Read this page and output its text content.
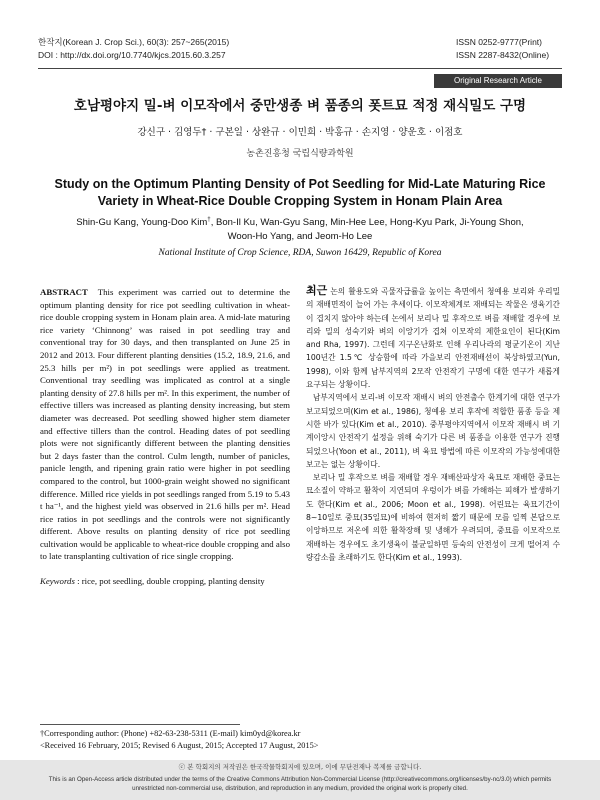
한작지(Korean J. Crop Sci.), 60(3): 257~265(2015)
DOI : http://dx.doi.org/10.7740/kjcs.2015.60.3.257
ISSN 0252-9777(Print)
ISSN 2287-8432(Online)
Original Research Article
호남평야지 밀-벼 이모작에서 중만생종 벼 품종의 폿트묘 적정 재식밀도 구명
강신구 · 김영두† · 구본일 · 상완규 · 이민희 · 박홍규 · 손지영 · 양운호 · 이점호
농촌진흥청 국립식량과학원
Study on the Optimum Planting Density of Pot Seedling for Mid-Late Maturing Rice
Variety in Wheat-Rice Double Cropping System in Honam Plain Area
Shin-Gu Kang, Young-Doo Kim†, Bon-Il Ku, Wan-Gyu Sang, Min-Hee Lee, Hong-Kyu Park, Ji-Young Shon,
Woon-Ho Yang, and Jeom-Ho Lee
National Institute of Crop Science, RDA, Suwon 16429, Republic of Korea

ABSTRACT This experiment was carried out to determine the optimum planting density for rice pot seedling cultivation in wheat-rice double cropping system in Honam plain area. A mid-late maturing rice variety ‘Chinnong’ was raised in pot seedling tray and conventional tray for 30 days, and then transplanted on June 25 in 2012 and 2013. Four different planting densities (15.2, 18.9, 21.6, and 25.3 hills per m²) in pot seedlings were applied as treatment. Conventional tray seedling was implicated as control at a single planting density of 27.8 hills per m². In this experiment, the number of effective tillers was increased as planting density increasing, but stem diameter was decreased. Pot seedling showed higher stem diameter and effective tillers than the control. Heading dates of pot seedling plots were not significantly different between the planting densities but 2 days faster than the control. Culm length, number of panicles, panicle length, and ripening grain ratio were higher in pot seedling compared to the control, but 1000-grain weight showed no significant difference. Milled rice yields in pot seedlings ranged from 5.19 to 5.43 t ha⁻¹, and the highest yield was observed in 21.6 hills per m². Head rice ratios in pot seedlings and the controls were not significantly different. Above results on planting density of rice pot seedling cultivation would be applicable to wheat-rice double cropping and also to late transplanting cultivation of rice single cropping.

Keywords : rice, pot seedling, double cropping, planting density

최근 논의 활용도와 곡물자급률을 높이는 측면에서 청예용 보리와 우리밀의 재배면적이 늘어 가는 추세이다. 이모작체계로 재배되는 작물은 생육기간이 겹치지 않아야 하는데 논에서 보리나 밀 후작으로 벼를 재배할 경우에 보리와 밀의 성숙기와 벼의 이앙기가 겹쳐 이모작의 제한요인이 된다(Kim and Rha, 1997). 그런데 지구온난화로 인해 우리나라의 평균기온이 지난 100년간 1.5℃ 상승함에 따라 가을보리 안전재배선이 북상하였고(Yun, 1998), 이와 함께 남부지역의 2모작 안전작기 구명에 대한 연구가 새롭게 요구되는 상황이다.

남부지역에서 보리-벼 이모작 재배시 벼의 안전출수 한계기에 대한 연구가 보고되었으며(Kim et al., 1986), 청예용 보리 후작에 적합한 품종 등을 제시한 바가 있다(Kim et al., 2010). 중부평야지역에서 이모작 재배시 벼 기계이앙시 안전작기 설정을 위해 숙기가 다른 벼 품종을 이용한 연구가 진행되었으나(Yoon et al., 2011), 벼 육묘 방법에 따른 이모작의 가능성에대한 보고는 없는 상황이다.

보리나 밀 후작으로 벼를 재배할 경우 재배산파상자 육묘로 재배한 중묘는 묘소질이 약하고 활착이 지연되며 우렁이가 벼를 가해하는 피해가 발생하기도 한다(Kim et al., 2006; Moon et al., 1998). 어린묘는 육묘기간이 8~10일로 중묘(35일묘)에 비하여 현저히 짧기 때문에 모를 일찍 본답으로 이앙하므로 저온에 의한 활착장해 및 냉해가 우려되며, 중묘를 이모작으로 재배하는 경우에도 초기생육이 불균일하면 등숙의 안전성이 크게 떨어져 수량감소를 초래하기도 한다(Kim et al., 1993).

†Corresponding author: (Phone) +82-63-238-5311 (E-mail) kim0yd@korea.kr

<Received 16 February, 2015; Revised 6 August, 2015; Accepted 17 August, 2015>

ⓒ 본 학회지의 저작권은 한국작물학회지에 있으며, 이에 무단전재나 복제를 금합니다.
This is an Open-Access article distributed under the terms of the Creative Commons Attribution Non-Commercial License (http://creativecommons.org/licenses/by-nc/3.0) which permits unrestricted non-commercial use, distribution, and reproduction in any medium, provided the original work is properly cited.
